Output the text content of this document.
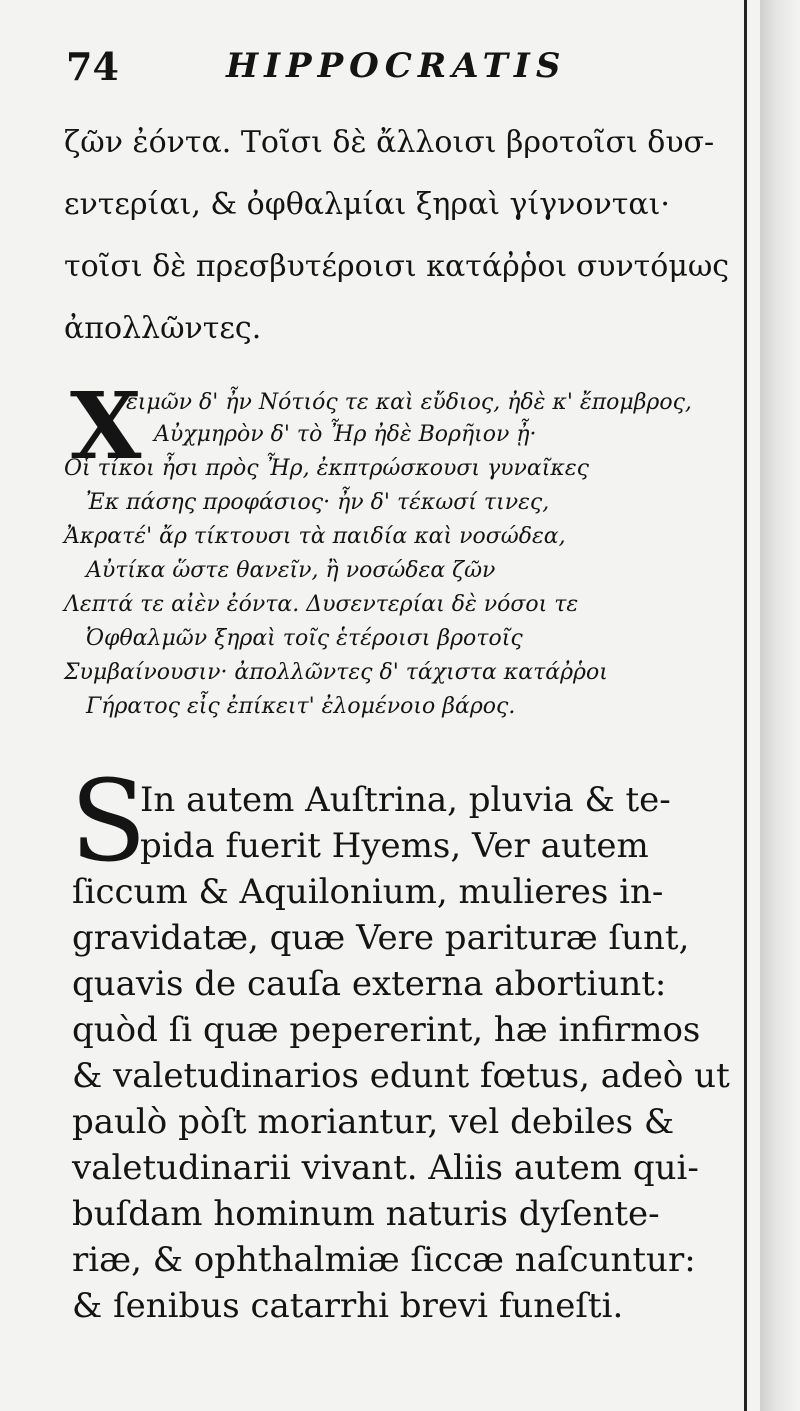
74	HIPPOCRATIS
ζῶν ἐόντα. Τοῖσι δὲ ἄλλοισι βροτοῖσι δυσ-
εντερίαι, & ὀφθαλμίαι ξηραὶ γίγνονται·
τοῖσι δὲ πρεσβυτέροισι κατάῤῥοι συντόμως
ἀπολλῶντες.
X
ειμῶν δ' ἦν Νότιός τε καὶ εὔδιος, ἠδὲ κ' ἔπομβρος,
Αὐχμηρὸν δ' τὸ Ἦρ ἠδὲ Βορῆιον ᾖ·
Οἱ τίκοι ἦσι πρὸς Ἦρ, ἐκπτρώσκουσι γυναῖκες
Ἐκ πάσης προφάσιος· ἦν δ' τέκωσί τινες,
Ἀκρατέ' ἄρ τίκτουσι τὰ παιδία καὶ νοσώδεα,
Αὐτίκα ὥστε θανεῖν, ἢ νοσώδεα ζῶν
Λεπτά τε αἰὲν ἐόντα. Δυσεντερίαι δὲ νόσοι τε
Ὀφθαλμῶν ξηραὶ τοῖς ἑτέροισι βροτοῖς
Συμβαίνουσιν· ἀπολλῶντες δ' τάχιστα κατάῤῥοι
Γήρατος εἶς ἐπίκειτ' ἐλομένοιο βάρος.
S
In autem Auſtrina, pluvia & te-
pida fuerit Hyems, Ver autem
ſiccum & Aquilonium, mulieres in-
gravidatæ, quæ Vere parituræ ſunt,
quavis de cauſa externa abortiunt:
quòd ſi quæ pepererint, hæ infirmos
& valetudinarios edunt fœtus, adeò ut
paulò pòſt moriantur, vel debiles &
valetudinarii vivant. Aliis autem qui-
buſdam hominum naturis dyſente-
riæ, & ophthalmiæ ſiccæ naſcuntur:
& ſenibus catarrhi brevi funeſti.
